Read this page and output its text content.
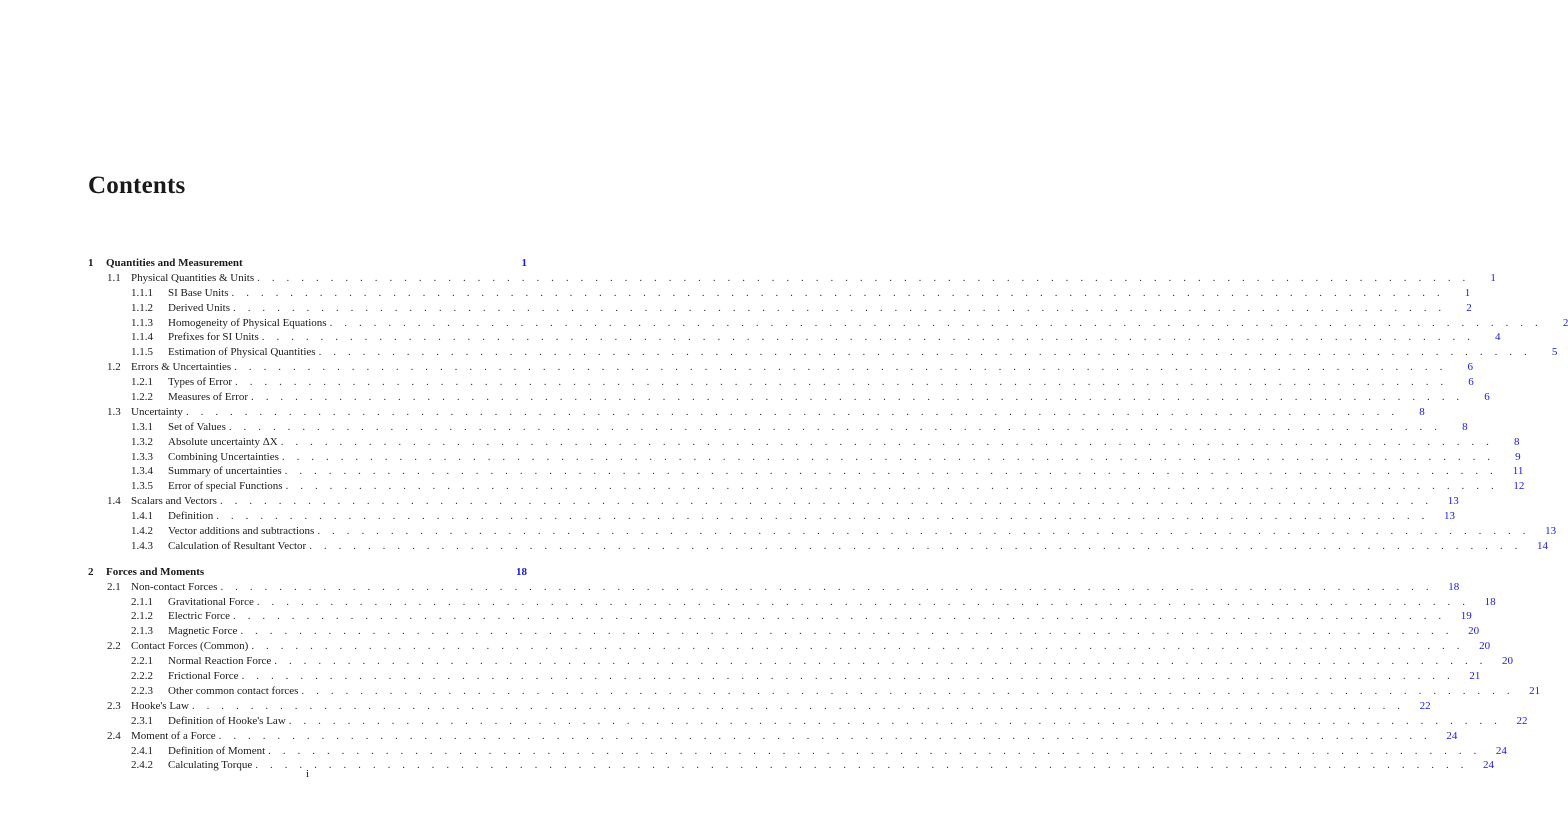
Contents
1 Quantities and Measurement	1
1.1 Physical Quantities & Units . . . . . . . . . . . . . . . . . . . . . . . . . . . . . . . . . . . . . . . . . . . . . . . . . . . . . . . . . . . . . . . . . . . . . . . . . . . . . . . . . . .	1
1.1.1 SI Base Units . . . . . . . . . . . . . . . . . . . . . . . . . . . . . . . . . . . . . . . . . . . . . . . . . . . . . . . . . . . . . . . . . . . . . . . . . . . . . . . . . . .	1
1.1.2 Derived Units . . . . . . . . . . . . . . . . . . . . . . . . . . . . . . . . . . . . . . . . . . . . . . . . . . . . . . . . . . . . . . . . . . . . . . . . . . . . . . . . . . .	2
1.1.3 Homogeneity of Physical Equations . . . . . . . . . . . . . . . . . . . . . . . . . . . . . . . . . . . . . . . . . . . . . . . . . . . . . . . . . . . . . . . . . . . . . . . . . . . . . . . . . . .	2
1.1.4 Prefixes for SI Units . . . . . . . . . . . . . . . . . . . . . . . . . . . . . . . . . . . . . . . . . . . . . . . . . . . . . . . . . . . . . . . . . . . . . . . . . . . . . . . . . . .	4
1.1.5 Estimation of Physical Quantities . . . . . . . . . . . . . . . . . . . . . . . . . . . . . . . . . . . . . . . . . . . . . . . . . . . . . . . . . . . . . . . . . . . . . . . . . . . . . . . . . . .	5
1.2 Errors & Uncertainties . . . . . . . . . . . . . . . . . . . . . . . . . . . . . . . . . . . . . . . . . . . . . . . . . . . . . . . . . . . . . . . . . . . . . . . . . . . . . . . . . . .	6
1.2.1 Types of Error . . . . . . . . . . . . . . . . . . . . . . . . . . . . . . . . . . . . . . . . . . . . . . . . . . . . . . . . . . . . . . . . . . . . . . . . . . . . . . . . . . .	6
1.2.2 Measures of Error . . . . . . . . . . . . . . . . . . . . . . . . . . . . . . . . . . . . . . . . . . . . . . . . . . . . . . . . . . . . . . . . . . . . . . . . . . . . . . . . . . .	6
1.3 Uncertainty . . . . . . . . . . . . . . . . . . . . . . . . . . . . . . . . . . . . . . . . . . . . . . . . . . . . . . . . . . . . . . . . . . . . . . . . . . . . . . . . . . .	8
1.3.1 Set of Values . . . . . . . . . . . . . . . . . . . . . . . . . . . . . . . . . . . . . . . . . . . . . . . . . . . . . . . . . . . . . . . . . . . . . . . . . . . . . . . . . . .	8
1.3.2 Absolute uncertainty ΔX . . . . . . . . . . . . . . . . . . . . . . . . . . . . . . . . . . . . . . . . . . . . . . . . . . . . . . . . . . . . . . . . . . . . . . . . . . . . . . . . . . .	8
1.3.3 Combining Uncertainties . . . . . . . . . . . . . . . . . . . . . . . . . . . . . . . . . . . . . . . . . . . . . . . . . . . . . . . . . . . . . . . . . . . . . . . . . . . . . . . . . . .	9
1.3.4 Summary of uncertainties . . . . . . . . . . . . . . . . . . . . . . . . . . . . . . . . . . . . . . . . . . . . . . . . . . . . . . . . . . . . . . . . . . . . . . . . . . . . . . . . . . .	11
1.3.5 Error of special Functions . . . . . . . . . . . . . . . . . . . . . . . . . . . . . . . . . . . . . . . . . . . . . . . . . . . . . . . . . . . . . . . . . . . . . . . . . . . . . . . . . . .	12
1.4 Scalars and Vectors . . . . . . . . . . . . . . . . . . . . . . . . . . . . . . . . . . . . . . . . . . . . . . . . . . . . . . . . . . . . . . . . . . . . . . . . . . . . . . . . . . .	13
1.4.1 Definition . . . . . . . . . . . . . . . . . . . . . . . . . . . . . . . . . . . . . . . . . . . . . . . . . . . . . . . . . . . . . . . . . . . . . . . . . . . . . . . . . . .	13
1.4.2 Vector additions and subtractions . . . . . . . . . . . . . . . . . . . . . . . . . . . . . . . . . . . . . . . . . . . . . . . . . . . . . . . . . . . . . . . . . . . . . . . . . . . . . . . . . . .	13
1.4.3 Calculation of Resultant Vector . . . . . . . . . . . . . . . . . . . . . . . . . . . . . . . . . . . . . . . . . . . . . . . . . . . . . . . . . . . . . . . . . . . . . . . . . . . . . . . . . . .	14
2 Forces and Moments	18
2.1 Non-contact Forces . . . . . . . . . . . . . . . . . . . . . . . . . . . . . . . . . . . . . . . . . . . . . . . . . . . . . . . . . . . . . . . . . . . . . . . . . . . . . . . . . . .	18
2.1.1 Gravitational Force . . . . . . . . . . . . . . . . . . . . . . . . . . . . . . . . . . . . . . . . . . . . . . . . . . . . . . . . . . . . . . . . . . . . . . . . . . . . . . . . . . .	18
2.1.2 Electric Force . . . . . . . . . . . . . . . . . . . . . . . . . . . . . . . . . . . . . . . . . . . . . . . . . . . . . . . . . . . . . . . . . . . . . . . . . . . . . . . . . . .	19
2.1.3 Magnetic Force . . . . . . . . . . . . . . . . . . . . . . . . . . . . . . . . . . . . . . . . . . . . . . . . . . . . . . . . . . . . . . . . . . . . . . . . . . . . . . . . . . .	20
2.2 Contact Forces (Common) . . . . . . . . . . . . . . . . . . . . . . . . . . . . . . . . . . . . . . . . . . . . . . . . . . . . . . . . . . . . . . . . . . . . . . . . . . . . . . . . . . .	20
2.2.1 Normal Reaction Force . . . . . . . . . . . . . . . . . . . . . . . . . . . . . . . . . . . . . . . . . . . . . . . . . . . . . . . . . . . . . . . . . . . . . . . . . . . . . . . . . . .	20
2.2.2 Frictional Force . . . . . . . . . . . . . . . . . . . . . . . . . . . . . . . . . . . . . . . . . . . . . . . . . . . . . . . . . . . . . . . . . . . . . . . . . . . . . . . . . . .	21
2.2.3 Other common contact forces . . . . . . . . . . . . . . . . . . . . . . . . . . . . . . . . . . . . . . . . . . . . . . . . . . . . . . . . . . . . . . . . . . . . . . . . . . . . . . . . . . .	21
2.3 Hooke's Law . . . . . . . . . . . . . . . . . . . . . . . . . . . . . . . . . . . . . . . . . . . . . . . . . . . . . . . . . . . . . . . . . . . . . . . . . . . . . . . . . . .	22
2.3.1 Definition of Hooke's Law . . . . . . . . . . . . . . . . . . . . . . . . . . . . . . . . . . . . . . . . . . . . . . . . . . . . . . . . . . . . . . . . . . . . . . . . . . . . . . . . . . .	22
2.4 Moment of a Force . . . . . . . . . . . . . . . . . . . . . . . . . . . . . . . . . . . . . . . . . . . . . . . . . . . . . . . . . . . . . . . . . . . . . . . . . . . . . . . . . . .	24
2.4.1 Definition of Moment . . . . . . . . . . . . . . . . . . . . . . . . . . . . . . . . . . . . . . . . . . . . . . . . . . . . . . . . . . . . . . . . . . . . . . . . . . . . . . . . . . .	24
2.4.2 Calculating Torque . . . . . . . . . . . . . . . . . . . . . . . . . . . . . . . . . . . . . . . . . . . . . . . . . . . . . . . . . . . . . . . . . . . . . . . . . . . . . . . . . . .	24
i
